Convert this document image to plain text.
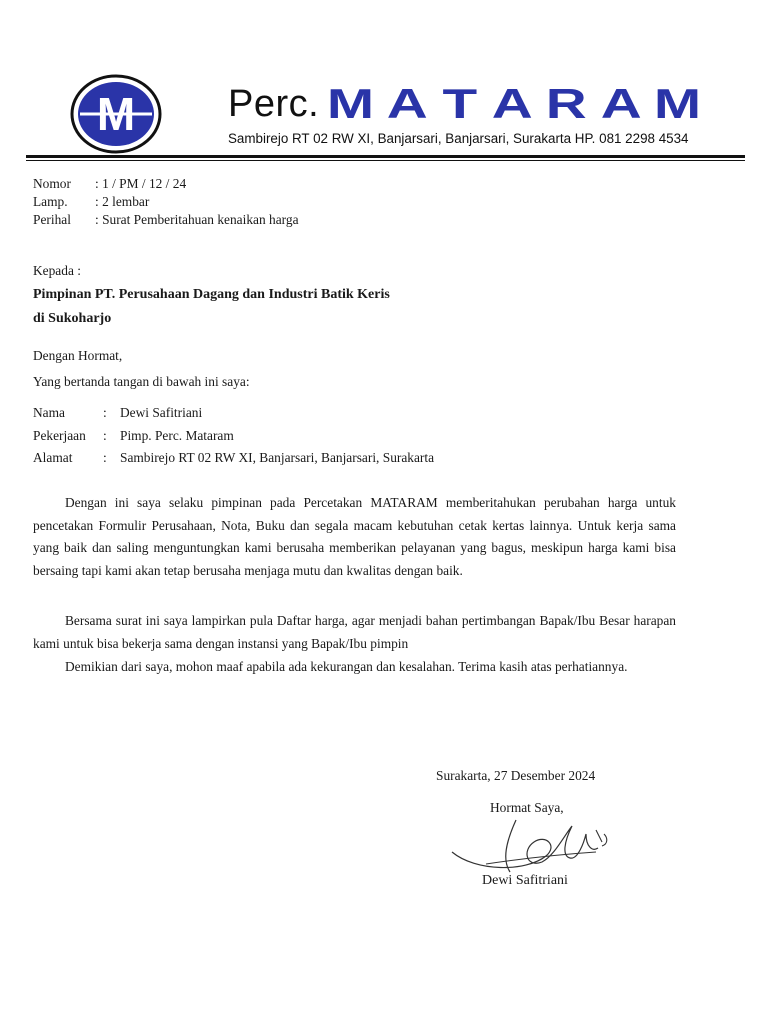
M Perc. M A T A R A M
Sambirejo RT 02 RW XI, Banjarsari, Banjarsari, Surakarta HP. 081 2298 4534
Nomor : 1 / PM / 12 / 24
Lamp. : 2 lembar
Perihal : Surat Pemberitahuan kenaikan harga
Kepada :
Pimpinan PT. Perusahaan Dagang dan Industri Batik Keris
di Sukoharjo
Dengan Hormat,
Yang bertanda tangan di bawah ini saya:
Nama	: Dewi Safitriani
Pekerjaan : Pimp. Perc. Mataram
Alamat : Sambirejo RT 02 RW XI, Banjarsari, Banjarsari, Surakarta
Dengan ini saya selaku pimpinan pada Percetakan MATARAM memberitahukan perubahan harga untuk pencetakan Formulir Perusahaan, Nota, Buku dan segala macam kebutuhan cetak kertas lainnya. Untuk kerja sama yang baik dan saling menguntungkan kami berusaha memberikan pelayanan yang bagus, meskipun harga kami bisa bersaing tapi kami akan tetap berusaha menjaga mutu dan kwalitas dengan baik.
Bersama surat ini saya lampirkan pula Daftar harga, agar menjadi bahan pertimbangan Bapak/Ibu Besar harapan kami untuk bisa bekerja sama dengan instansi yang Bapak/Ibu pimpin
Demikian dari saya, mohon maaf apabila ada kekurangan dan kesalahan. Terima kasih atas perhatiannya.
Surakarta, 27 Desember 2024
Hormat Saya,
Dewi Safitriani
